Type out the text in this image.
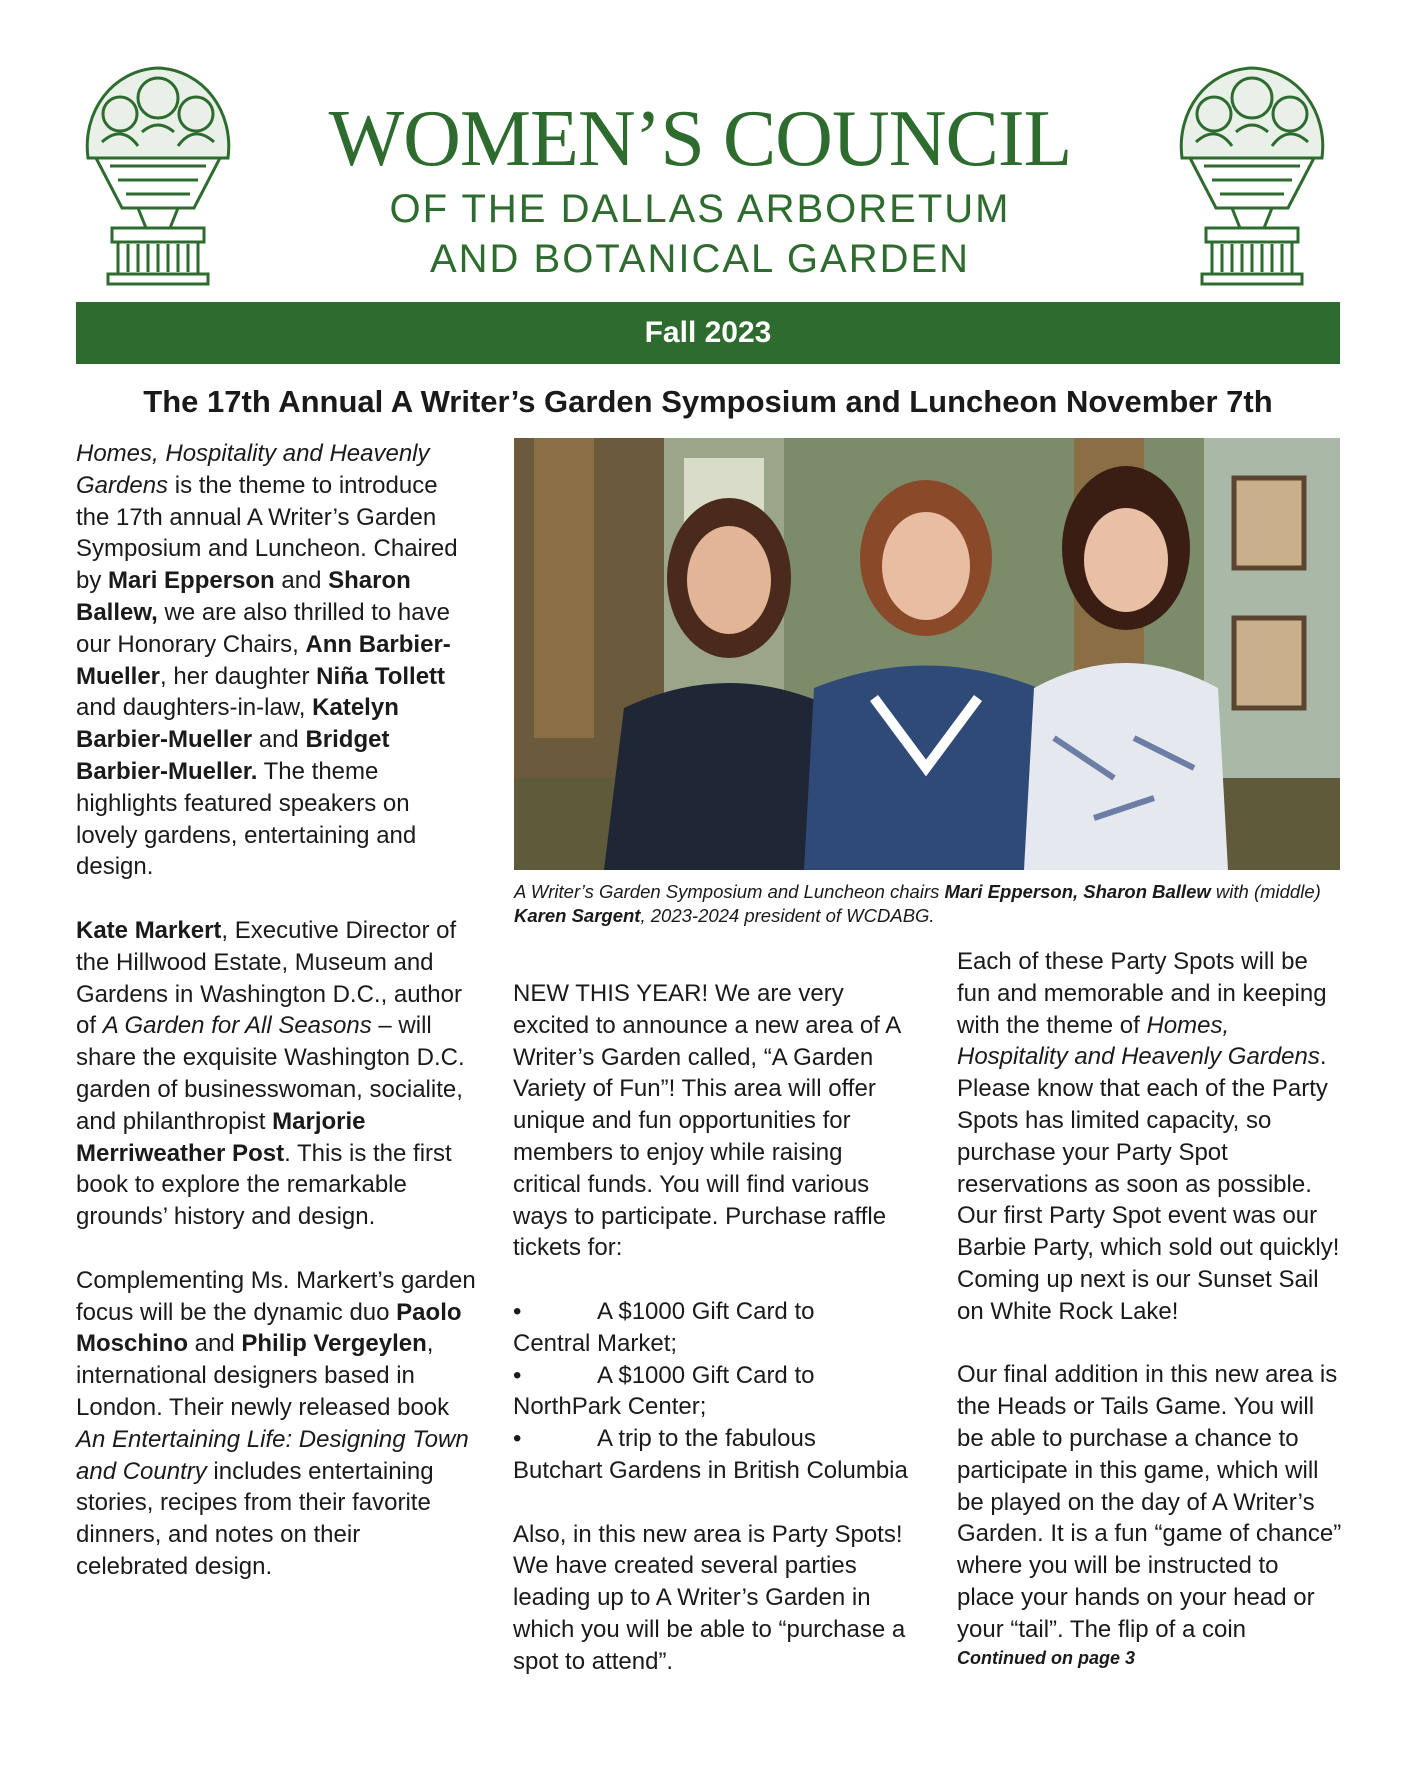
WOMEN’S COUNCIL
OF THE DALLAS ARBORETUM
AND BOTANICAL GARDEN
Fall 2023
The 17th Annual A Writer’s Garden Symposium and Luncheon November 7th

Homes, Hospitality and Heavenly Gardens is the theme to introduce the 17th annual A Writer’s Garden Symposium and Luncheon. Chaired by Mari Epperson and Sharon Ballew, we are also thrilled to have our Honorary Chairs, Ann Barbier-Mueller, her daughter Niña Tollett and daughters-in-law, Katelyn Barbier-Mueller and Bridget Barbier-Mueller. The theme highlights featured speakers on lovely gardens, entertaining and design.

Kate Markert, Executive Director of the Hillwood Estate, Museum and Gardens in Washington D.C., author of A Garden for All Seasons – will share the exquisite Washington D.C. garden of businesswoman, socialite, and philanthropist Marjorie Merriweather Post. This is the first book to explore the remarkable grounds’ history and design.

Complementing Ms. Markert’s garden focus will be the dynamic duo Paolo Moschino and Philip Vergeylen, international designers based in London. Their newly released book An Entertaining Life: Designing Town and Country includes entertaining stories, recipes from their favorite dinners, and notes on their celebrated design.

A Writer’s Garden Symposium and Luncheon chairs Mari Epperson, Sharon Ballew with (middle) Karen Sargent, 2023-2024 president of WCDABG.

NEW THIS YEAR! We are very excited to announce a new area of A Writer’s Garden called, “A Garden Variety of Fun”! This area will offer unique and fun opportunities for members to enjoy while raising critical funds. You will find various ways to participate. Purchase raffle tickets for:

•	A $1000 Gift Card to
Central Market;
•	A $1000 Gift Card to
NorthPark Center;
•	A trip to the fabulous
Butchart Gardens in British Columbia

Also, in this new area is Party Spots! We have created several parties leading up to A Writer’s Garden in which you will be able to “purchase a spot to attend”.

Each of these Party Spots will be fun and memorable and in keeping with the theme of Homes, Hospitality and Heavenly Gardens. Please know that each of the Party Spots has limited capacity, so purchase your Party Spot reservations as soon as possible. Our first Party Spot event was our Barbie Party, which sold out quickly! Coming up next is our Sunset Sail on White Rock Lake!

Our final addition in this new area is the Heads or Tails Game. You will be able to purchase a chance to participate in this game, which will be played on the day of A Writer’s Garden. It is a fun “game of chance” where you will be instructed to place your hands on your head or your “tail”. The flip of a coin

Continued on page 3
